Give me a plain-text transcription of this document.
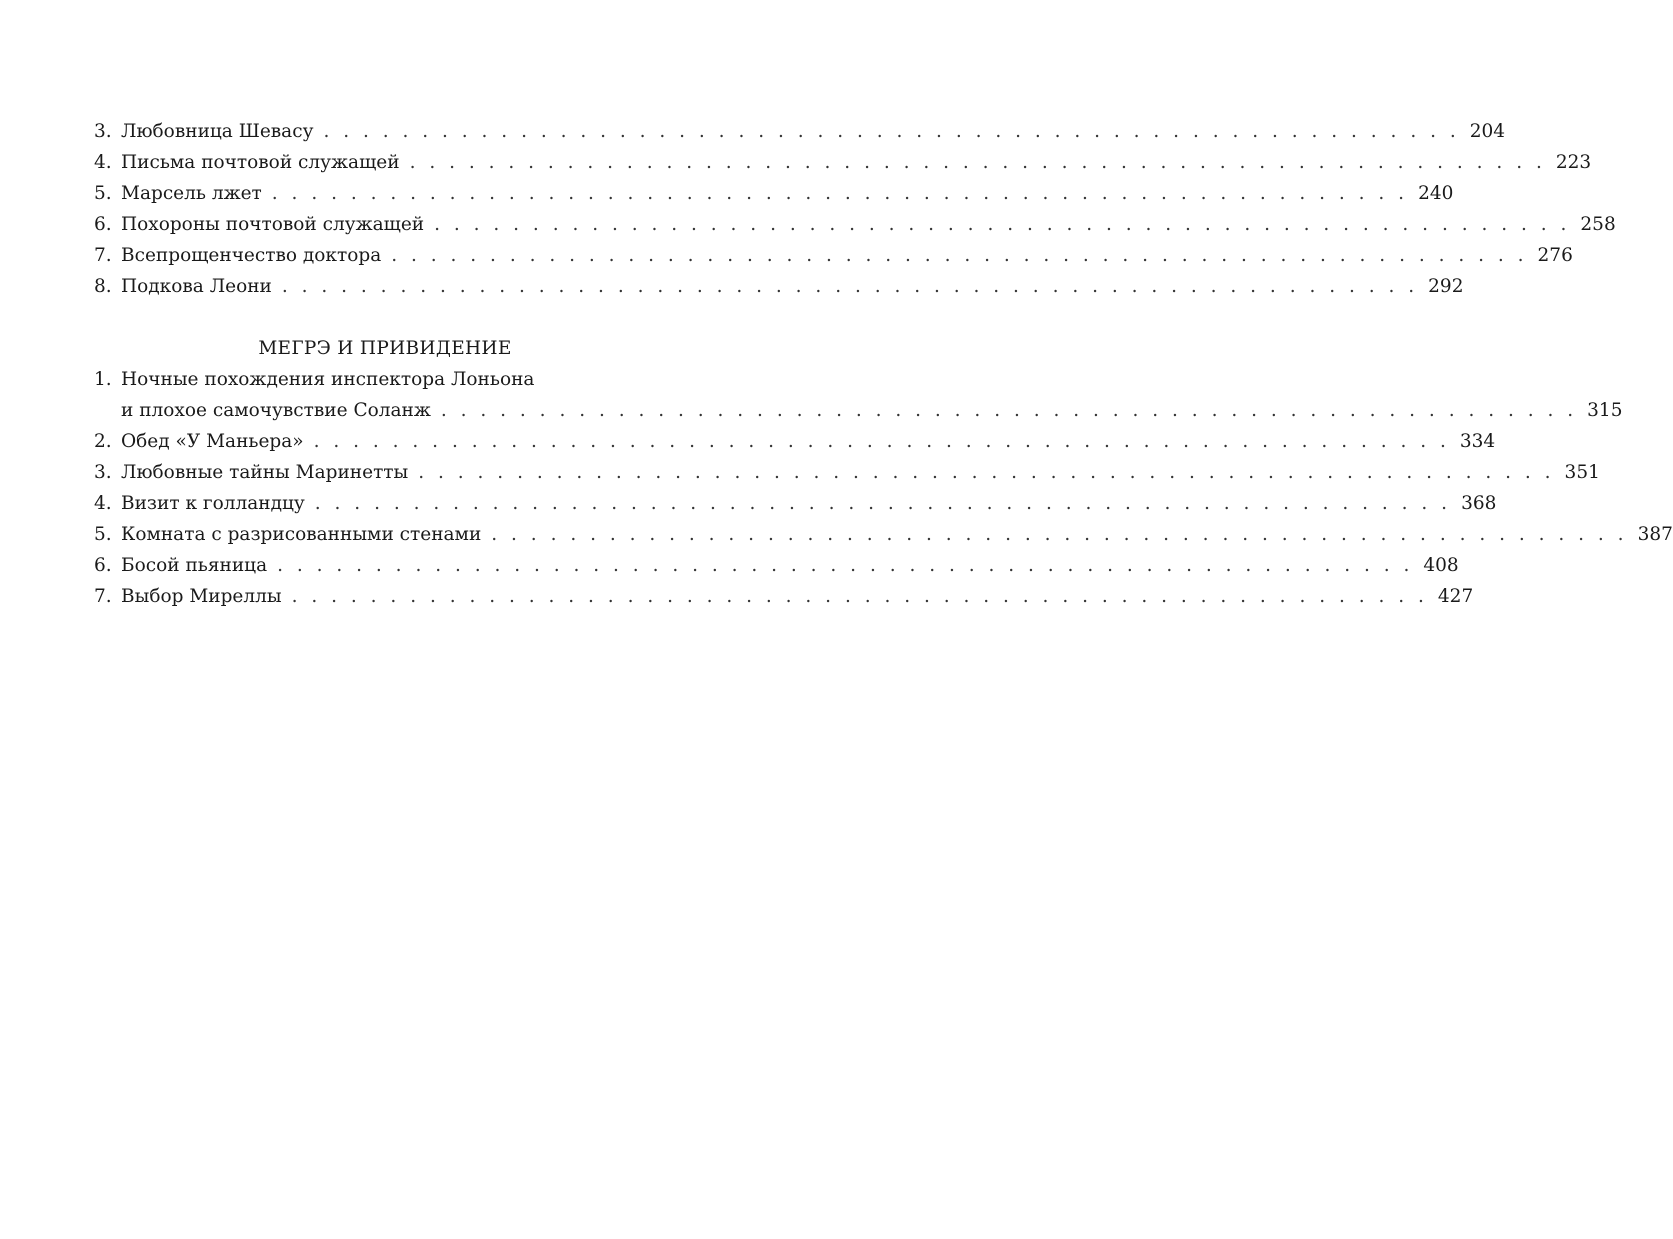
3. Любовница Шевасу . . . . . . . . . . . . . . . . . . . . . . . . . . . . . . . . . . . . . . . . . . . . . . . . . . . . . . . . . . 204
4. Письма почтовой служащей . . . . . . . . . . . . . . . . . . . . . . . . . . . . . . . . . . . . . . . . . . . . . . . . . . . . . . . . . . 223
5. Марсель лжет . . . . . . . . . . . . . . . . . . . . . . . . . . . . . . . . . . . . . . . . . . . . . . . . . . . . . . . . . . 240
6. Похороны почтовой служащей . . . . . . . . . . . . . . . . . . . . . . . . . . . . . . . . . . . . . . . . . . . . . . . . . . . . . . . . . . 258
7. Всепрощенчество доктора . . . . . . . . . . . . . . . . . . . . . . . . . . . . . . . . . . . . . . . . . . . . . . . . . . . . . . . . . . 276
8. Подкова Леони . . . . . . . . . . . . . . . . . . . . . . . . . . . . . . . . . . . . . . . . . . . . . . . . . . . . . . . . . . 292
МЕГРЭ И ПРИВИДЕНИЕ
1. Ночные похождения инспектора Лоньона
и плохое самочувствие Соланж . . . . . . . . . . . . . . . . . . . . . . . . . . . . . . . . . . . . . . . . . . . . . . . . . . . . . . . . . . 315
2. Обед «У Маньера» . . . . . . . . . . . . . . . . . . . . . . . . . . . . . . . . . . . . . . . . . . . . . . . . . . . . . . . . . . 334
3. Любовные тайны Маринетты . . . . . . . . . . . . . . . . . . . . . . . . . . . . . . . . . . . . . . . . . . . . . . . . . . . . . . . . . . 351
4. Визит к голландцу . . . . . . . . . . . . . . . . . . . . . . . . . . . . . . . . . . . . . . . . . . . . . . . . . . . . . . . . . . 368
5. Комната с разрисованными стенами . . . . . . . . . . . . . . . . . . . . . . . . . . . . . . . . . . . . . . . . . . . . . . . . . . . . . . . . . . 387
6. Босой пьяница . . . . . . . . . . . . . . . . . . . . . . . . . . . . . . . . . . . . . . . . . . . . . . . . . . . . . . . . . . 408
7. Выбор Миреллы . . . . . . . . . . . . . . . . . . . . . . . . . . . . . . . . . . . . . . . . . . . . . . . . . . . . . . . . . . 427
